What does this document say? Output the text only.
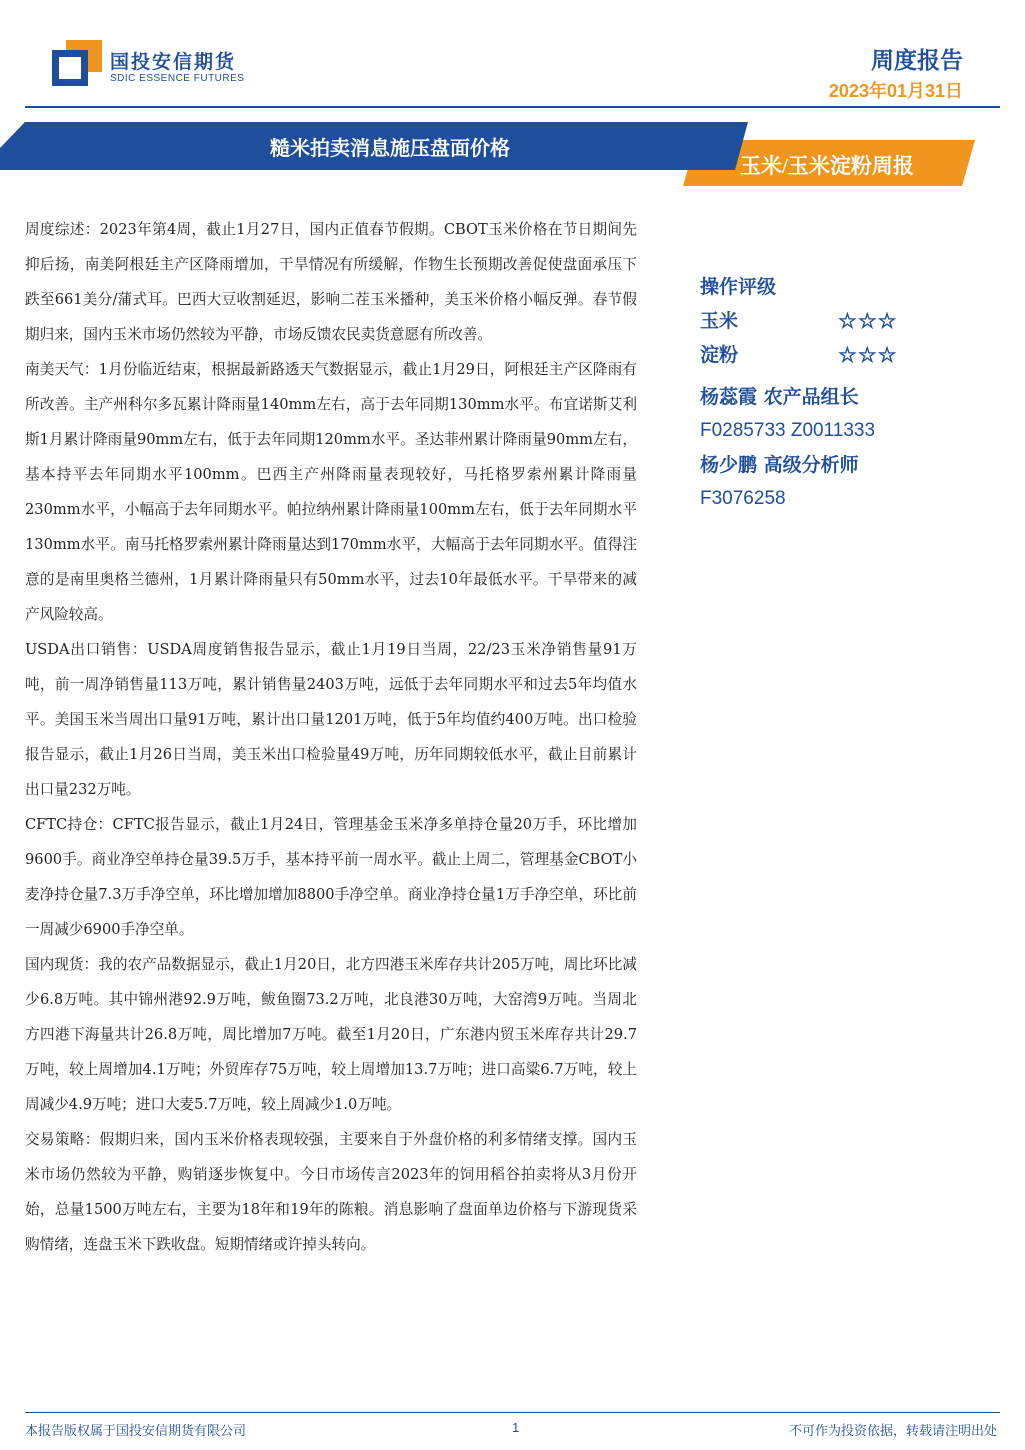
国投安信期货
SDIC ESSENCE FUTURES
周度报告
2023年01月31日
糙米拍卖消息施压盘面价格
玉米/玉米淀粉周报

周度综述：2023年第4周，截止1月27日，国内正值春节假期。CBOT玉米价格在节日期间先抑后扬，南美阿根廷主产区降雨增加，干旱情况有所缓解，作物生长预期改善促使盘面承压下跌至661美分/蒲式耳。巴西大豆收割延迟，影响二茬玉米播种，美玉米价格小幅反弹。春节假期归来，国内玉米市场仍然较为平静，市场反馈农民卖货意愿有所改善。

南美天气：1月份临近结束，根据最新路透天气数据显示，截止1月29日，阿根廷主产区降雨有所改善。主产州科尔多瓦累计降雨量140mm左右，高于去年同期130mm水平。布宜诺斯艾利斯1月累计降雨量90mm左右，低于去年同期120mm水平。圣达菲州累计降雨量90mm左右，基本持平去年同期水平100mm。巴西主产州降雨量表现较好，马托格罗索州累计降雨量230mm水平，小幅高于去年同期水平。帕拉纳州累计降雨量100mm左右，低于去年同期水平130mm水平。南马托格罗索州累计降雨量达到170mm水平，大幅高于去年同期水平。值得注意的是南里奥格兰德州，1月累计降雨量只有50mm水平，过去10年最低水平。干旱带来的减产风险较高。

USDA出口销售：USDA周度销售报告显示，截止1月19日当周，22/23玉米净销售量91万吨，前一周净销售量113万吨，累计销售量2403万吨，远低于去年同期水平和过去5年均值水平。美国玉米当周出口量91万吨，累计出口量1201万吨，低于5年均值约400万吨。出口检验报告显示，截止1月26日当周，美玉米出口检验量49万吨，历年同期较低水平，截止目前累计出口量232万吨。

CFTC持仓：CFTC报告显示，截止1月24日，管理基金玉米净多单持仓量20万手，环比增加9600手。商业净空单持仓量39.5万手，基本持平前一周水平。截止上周二，管理基金CBOT小麦净持仓量7.3万手净空单，环比增加增加8800手净空单。商业净持仓量1万手净空单，环比前一周减少6900手净空单。

国内现货：我的农产品数据显示，截止1月20日，北方四港玉米库存共计205万吨，周比环比减少6.8万吨。其中锦州港92.9万吨，鲅鱼圈73.2万吨，北良港30万吨，大窑湾9万吨。当周北方四港下海量共计26.8万吨，周比增加7万吨。截至1月20日，广东港内贸玉米库存共计29.7万吨，较上周增加4.1万吨；外贸库存75万吨，较上周增加13.7万吨；进口高粱6.7万吨，较上周减少4.9万吨；进口大麦5.7万吨，较上周减少1.0万吨。

交易策略：假期归来，国内玉米价格表现较强，主要来自于外盘价格的利多情绪支撑。国内玉米市场仍然较为平静，购销逐步恢复中。今日市场传言2023年的饲用稻谷拍卖将从3月份开始，总量1500万吨左右，主要为18年和19年的陈粮。消息影响了盘面单边价格与下游现货采购情绪，连盘玉米下跌收盘。短期情绪或许掉头转向。

操作评级
玉米	☆☆☆
淀粉	☆☆☆
杨蕊霞 农产品组长
F0285733 Z0011333
杨少鹏 高级分析师
F3076258
本报告版权属于国投安信期货有限公司	1	不可作为投资依据，转载请注明出处
